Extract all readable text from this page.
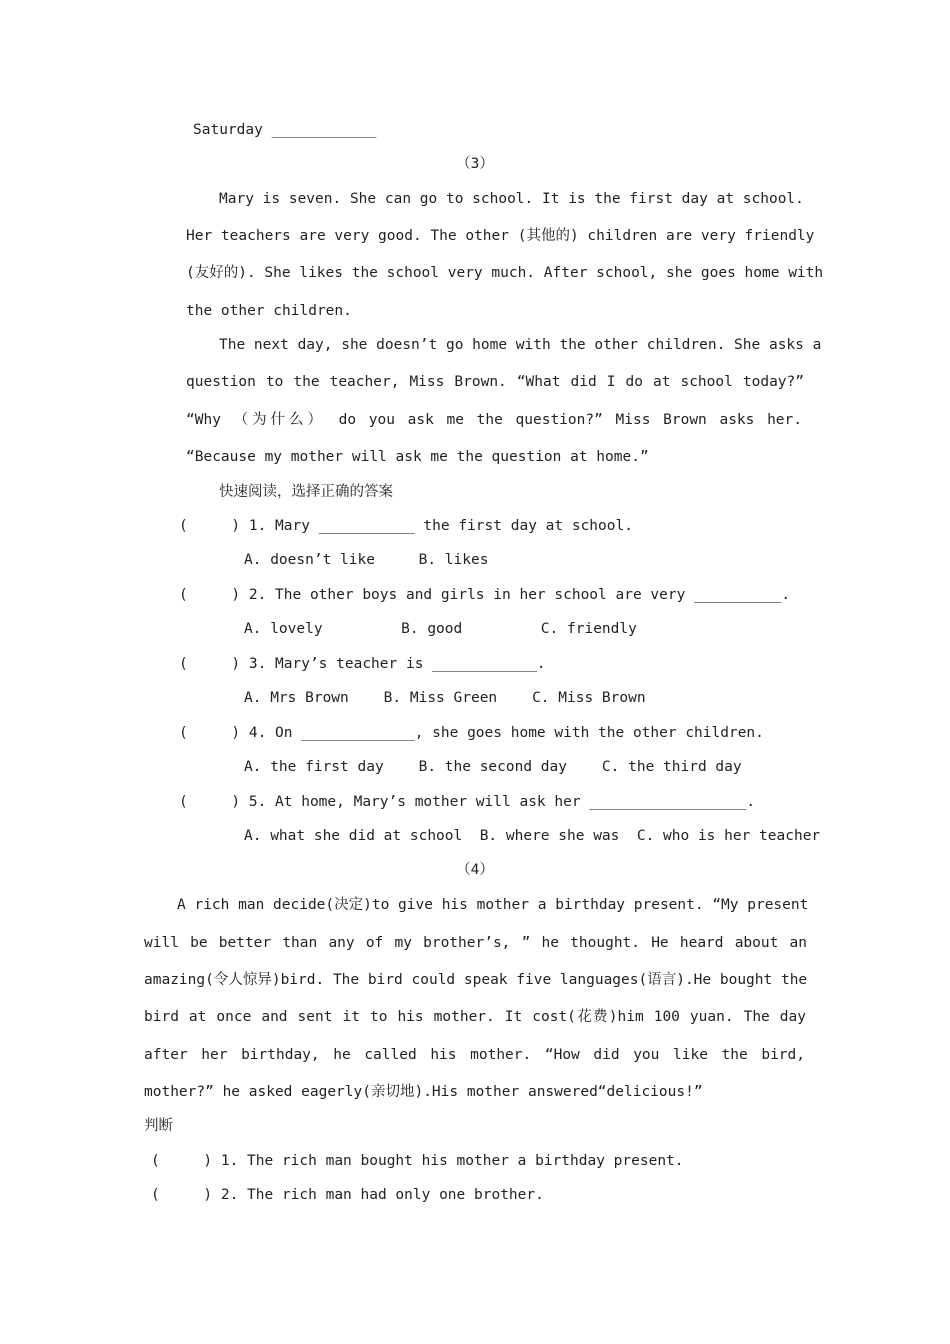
Saturday ____________
（3）
Mary is seven. She can go to school. It is the first day at school.
Her teachers are very good. The other (其他的) children are very friendly
(友好的). She likes the school very much. After school, she goes home with
the other children.
The next day, she doesn’t go home with the other children. She asks a
question to the teacher, Miss Brown. “What did I do at school today?”
“Why （为什么） do you ask me the question?” Miss Brown asks her.
“Because my mother will ask me the question at home.”
快速阅读，选择正确的答案
(     ) 1. Mary ___________ the first day at school.
A. doesn’t like     B. likes
(     ) 2. The other boys and girls in her school are very __________.
A. lovely         B. good         C. friendly
(     ) 3. Mary’s teacher is ____________.
A. Mrs Brown    B. Miss Green    C. Miss Brown
(     ) 4. On _____________, she goes home with the other children.
A. the first day    B. the second day    C. the third day
(     ) 5. At home, Mary’s mother will ask her __________________.
A. what she did at school  B. where she was  C. who is her teacher
（4）
A rich man decide(决定)to give his mother a birthday present. “My present
will be better than any of my brother’s, ” he thought. He heard about an
amazing(令人惊异)bird. The bird could speak five languages(语言).He bought the
bird at once and sent it to his mother. It cost(花费)him 100 yuan. The day
after her birthday, he called his mother. “How did you like the bird,
mother?” he asked eagerly(亲切地).His mother answered“delicious!”
判断
(     ) 1. The rich man bought his mother a birthday present.
(     ) 2. The rich man had only one brother.
